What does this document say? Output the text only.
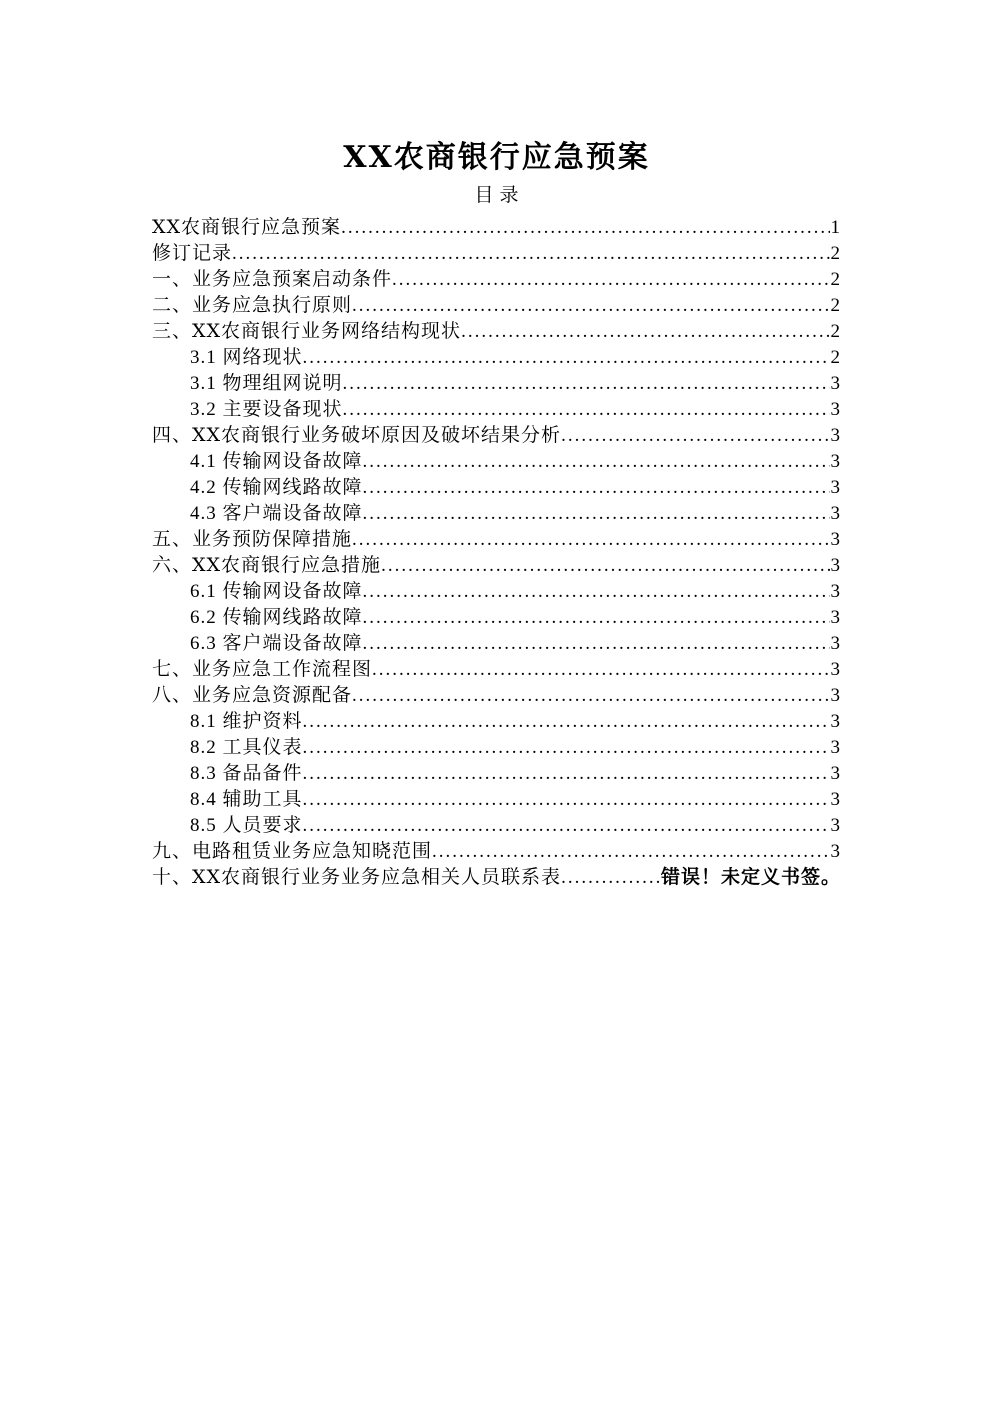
ⅩⅩ农商银行应急预案
目录
ⅩⅩ农商银行应急预案 .....	1
修订记录 .....	2
一、业务应急预案启动条件 .....	2
二、业务应急执行原则 .....	2
三、ⅩⅩ农商银行业务网络结构现状 .....	2
3.1 网络现状 .....	2
3.1 物理组网说明 .....	3
3.2 主要设备现状 .....	3
四、ⅩⅩ农商银行业务破坏原因及破坏结果分析 .....	3
4.1 传输网设备故障 .....	3
4.2 传输网线路故障 .....	3
4.3 客户端设备故障 .....	3
五、业务预防保障措施 .....	3
六、ⅩⅩ农商银行应急措施 .....	3
6.1 传输网设备故障 .....	3
6.2 传输网线路故障 .....	3
6.3 客户端设备故障 .....	3
七、业务应急工作流程图 .....	3
八、业务应急资源配备 .....	3
8.1 维护资料 .....	3
8.2 工具仪表 .....	3
8.3 备品备件 .....	3
8.4 辅助工具 .....	3
8.5 人员要求 .....	3
九、电路租赁业务应急知晓范围 .....	3
十、ⅩⅩ农商银行业务业务应急相关人员联系表 .....	错误！未定义书签。
